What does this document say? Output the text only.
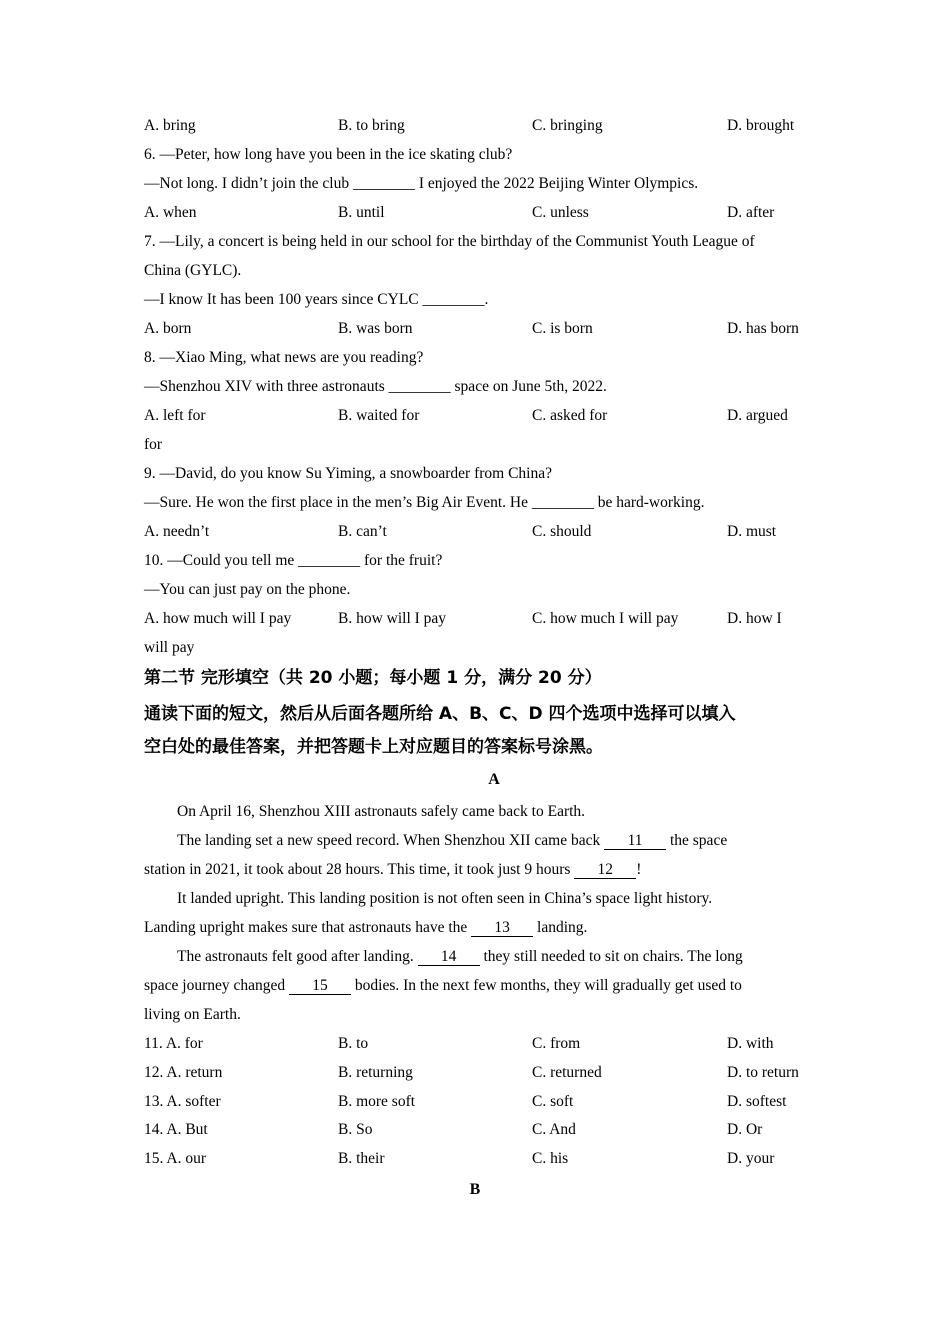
A. bring	B. to bring	C. bringing	D. brought
6. —Peter, how long have you been in the ice skating club?
—Not long. I didn’t join the club ________ I enjoyed the 2022 Beijing Winter Olympics.
A. when	B. until	C. unless	D. after
7. —Lily, a concert is being held in our school for the birthday of the Communist Youth League of
China (GYLC).
—I know It has been 100 years since CYLC ________.
A. born	B. was born	C. is born	D. has born
8. —Xiao Ming, what news are you reading?
—Shenzhou XIV with three astronauts ________ space on June 5th, 2022.
A. left for	B. waited for	C. asked for	D. argued
for
9. —David, do you know Su Yiming, a snowboarder from China?
—Sure. He won the first place in the men’s Big Air Event. He ________ be hard-working.
A. needn’t	B. can’t	C. should	D. must
10. —Could you tell me ________ for the fruit?
—You can just pay on the phone.
A. how much will I pay	B. how will I pay	C. how much I will pay	D. how I
will pay
第二节 完形填空（共 20 小题；每小题 1 分，满分 20 分）
通读下面的短文，然后从后面各题所给 A、B、C、D 四个选项中选择可以填入
空白处的最佳答案，并把答题卡上对应题目的答案标号涂黑。
A
On April 16, Shenzhou XIII astronauts safely came back to Earth.
The landing set a new speed record. When Shenzhou XII came back 11 the space
station in 2021, it took about 28 hours. This time, it took just 9 hours 12 !
It landed upright. This landing position is not often seen in China’s space light history.
Landing upright makes sure that astronauts have the 13 landing.
The astronauts felt good after landing. 14 they still needed to sit on chairs. The long
space journey changed 15 bodies. In the next few months, they will gradually get used to
living on Earth.
11. A. for	B. to	C. from	D. with
12. A. return	B. returning	C. returned	D. to return
13. A. softer	B. more soft	C. soft	D. softest
14. A. But	B. So	C. And	D. Or
15. A. our	B. their	C. his	D. your
B
